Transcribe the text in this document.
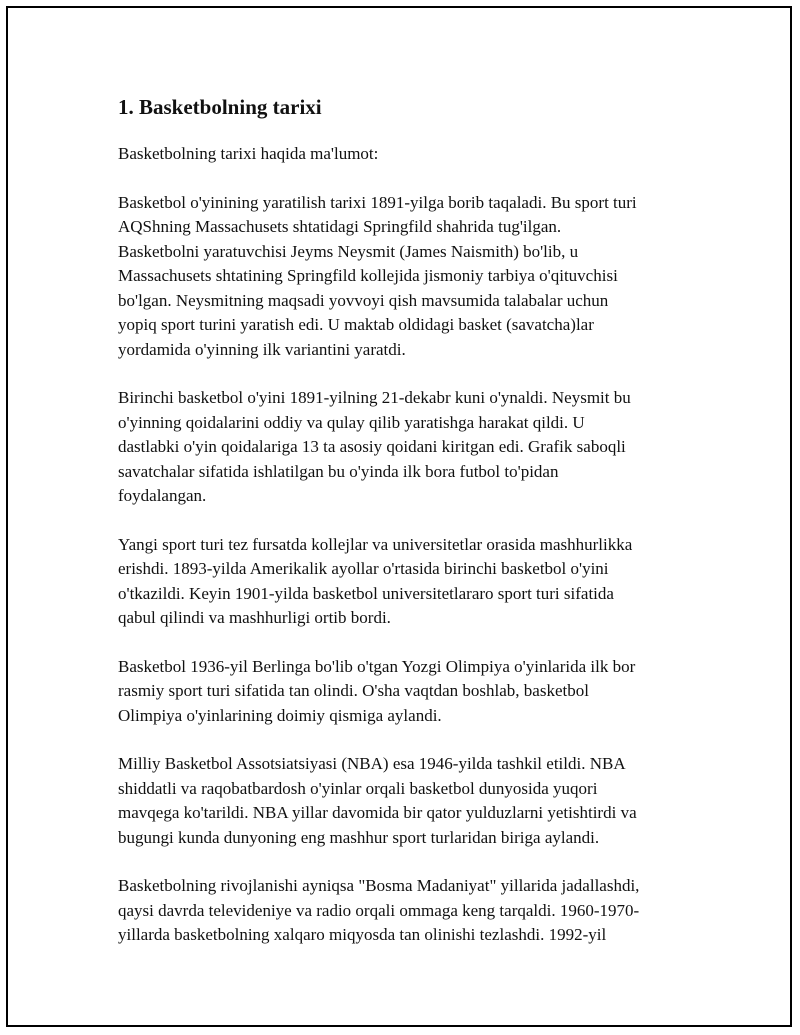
1. Basketbolning tarixi

Basketbolning tarixi haqida ma'lumot:

Basketbol o'yinining yaratilish tarixi 1891-yilga borib taqaladi. Bu sport turi
AQShning Massachusets shtatidagi Springfild shahrida tug'ilgan.
Basketbolni yaratuvchisi Jeyms Neysmit (James Naismith) bo'lib, u
Massachusets shtatining Springfild kollejida jismoniy tarbiya o'qituvchisi
bo'lgan. Neysmitning maqsadi yovvoyi qish mavsumida talabalar uchun
yopiq sport turini yaratish edi. U maktab oldidagi basket (savatcha)lar
yordamida o'yinning ilk variantini yaratdi.

Birinchi basketbol o'yini 1891-yilning 21-dekabr kuni o'ynaldi. Neysmit bu
o'yinning qoidalarini oddiy va qulay qilib yaratishga harakat qildi. U
dastlabki o'yin qoidalariga 13 ta asosiy qoidani kiritgan edi. Grafik saboqli
savatchalar sifatida ishlatilgan bu o'yinda ilk bora futbol to'pidan
foydalangan.

Yangi sport turi tez fursatda kollejlar va universitetlar orasida mashhurlikka
erishdi. 1893-yilda Amerikalik ayollar o'rtasida birinchi basketbol o'yini
o'tkazildi. Keyin 1901-yilda basketbol universitetlararo sport turi sifatida
qabul qilindi va mashhurligi ortib bordi.

Basketbol 1936-yil Berlinga bo'lib o'tgan Yozgi Olimpiya o'yinlarida ilk bor
rasmiy sport turi sifatida tan olindi. O'sha vaqtdan boshlab, basketbol
Olimpiya o'yinlarining doimiy qismiga aylandi.

Milliy Basketbol Assotsiatsiyasi (NBA) esa 1946-yilda tashkil etildi. NBA
shiddatli va raqobatbardosh o'yinlar orqali basketbol dunyosida yuqori
mavqega ko'tarildi. NBA yillar davomida bir qator yulduzlarni yetishtirdi va
bugungi kunda dunyoning eng mashhur sport turlaridan biriga aylandi.

Basketbolning rivojlanishi ayniqsa "Bosma Madaniyat" yillarida jadallashdi,
qaysi davrda televideniye va radio orqali ommaga keng tarqaldi. 1960-1970-
yillarda basketbolning xalqaro miqyosda tan olinishi tezlashdi. 1992-yil
